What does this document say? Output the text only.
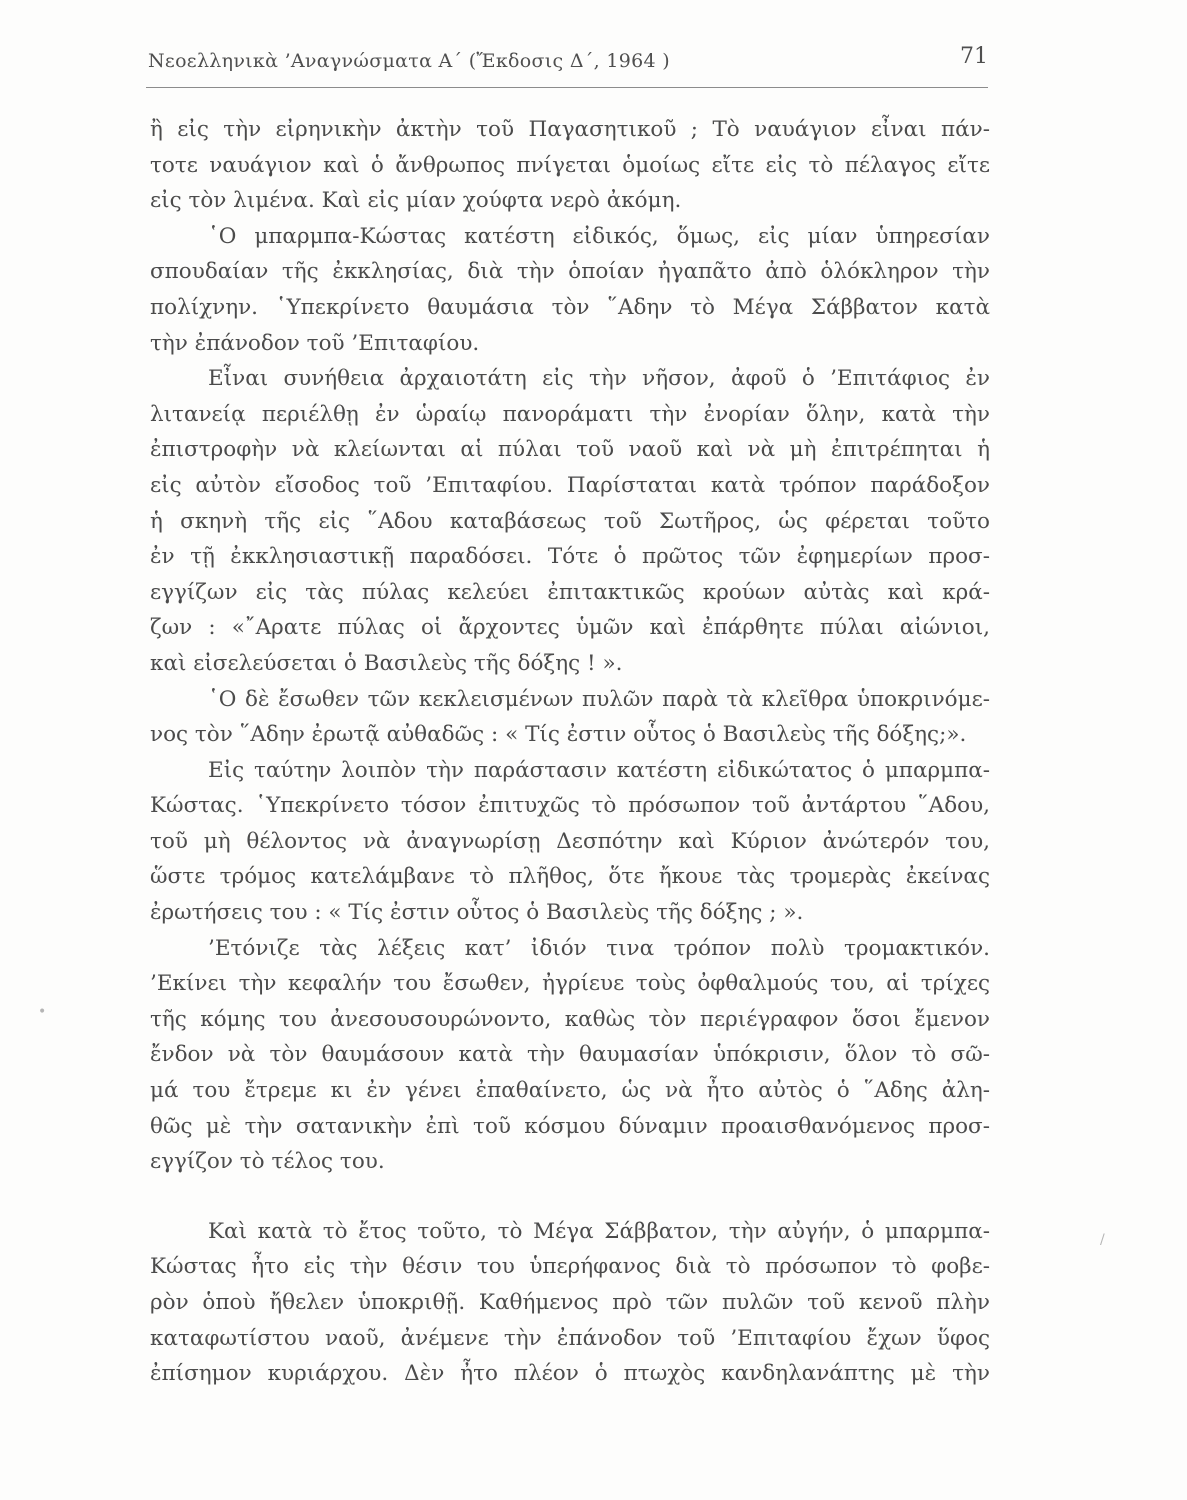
Νεοελληνικὰ ’Αναγνώσματα Α΄ (Ἔκδοσις Δ΄, 1964 )	71
ἢ εἰς τὴν εἰρηνικὴν ἀκτὴν τοῦ Παγασητικοῦ ; Τὸ ναυάγιον εἶναι πάν-
τοτε ναυάγιον καὶ ὁ ἄνθρωπος πνίγεται ὁμοίως εἴτε εἰς τὸ πέλαγος εἴτε
εἰς τὸν λιμένα. Καὶ εἰς μίαν χούφτα νερὸ ἀκόμη.
῾Ο μπαρμπα-Κώστας κατέστη εἰδικός, ὅμως, εἰς μίαν ὑπηρεσίαν
σπουδαίαν τῆς ἐκκλησίας, διὰ τὴν ὁποίαν ἠγαπᾶτο ἀπὸ ὁλόκληρον τὴν
πολίχνην. ῾Υπεκρίνετο θαυμάσια τὸν ῞Αδην τὸ Μέγα Σάββατον κατὰ
τὴν ἐπάνοδον τοῦ ’Επιταφίου.
Εἶναι συνήθεια ἀρχαιοτάτη εἰς τὴν νῆσον, ἀφοῦ ὁ ’Επιτάφιος ἐν
λιτανείᾳ περιέλθῃ ἐν ὡραίῳ πανοράματι τὴν ἐνορίαν ὅλην, κατὰ τὴν
ἐπιστροφὴν νὰ κλείωνται αἱ πύλαι τοῦ ναοῦ καὶ νὰ μὴ ἐπιτρέπηται ἡ
εἰς αὐτὸν εἴσοδος τοῦ ’Επιταφίου. Παρίσταται κατὰ τρόπον παράδοξον
ἡ σκηνὴ τῆς εἰς ῞Αδου καταβάσεως τοῦ Σωτῆρος, ὡς φέρεται τοῦτο
ἐν τῇ ἐκκλησιαστικῇ παραδόσει. Τότε ὁ πρῶτος τῶν ἐφημερίων προσ-
εγγίζων εἰς τὰς πύλας κελεύει ἐπιτακτικῶς κρούων αὐτὰς καὶ κρά-
ζων : «῎Αρατε πύλας οἱ ἄρχοντες ὑμῶν καὶ ἐπάρθητε πύλαι αἰώνιοι,
καὶ εἰσελεύσεται ὁ Βασιλεὺς τῆς δόξης ! ».
῾Ο δὲ ἔσωθεν τῶν κεκλεισμένων πυλῶν παρὰ τὰ κλεῖθρα ὑποκρινόμε-
νος τὸν ῞Αδην ἐρωτᾷ αὐθαδῶς : « Τίς ἐστιν οὗτος ὁ Βασιλεὺς τῆς δόξης;».
Εἰς ταύτην λοιπὸν τὴν παράστασιν κατέστη εἰδικώτατος ὁ μπαρμπα-
Κώστας. ῾Υπεκρίνετο τόσον ἐπιτυχῶς τὸ πρόσωπον τοῦ ἀντάρτου ῞Αδου,
τοῦ μὴ θέλοντος νὰ ἀναγνωρίσῃ Δεσπότην καὶ Κύριον ἀνώτερόν του,
ὥστε τρόμος κατελάμβανε τὸ πλῆθος, ὅτε ἤκουε τὰς τρομερὰς ἐκείνας
ἐρωτήσεις του : « Τίς ἐστιν οὗτος ὁ Βασιλεὺς τῆς δόξης ; ».
’Ετόνιζε τὰς λέξεις κατ’ ἰδιόν τινα τρόπον πολὺ τρομακτικόν.
’Εκίνει τὴν κεφαλήν του ἔσωθεν, ἠγρίευε τοὺς ὀφθαλμούς του, αἱ τρίχες
τῆς κόμης του ἀνεσουσουρώνοντο, καθὼς τὸν περιέγραφον ὅσοι ἔμενον
ἔνδον νὰ τὸν θαυμάσουν κατὰ τὴν θαυμασίαν ὑπόκρισιν, ὅλον τὸ σῶ-
μά του ἔτρεμε κι ἐν γένει ἐπαθαίνετο, ὡς νὰ ἦτο αὐτὸς ὁ ῞Αδης ἀλη-
θῶς μὲ τὴν σατανικὴν ἐπὶ τοῦ κόσμου δύναμιν προαισθανόμενος προσ-
εγγίζον τὸ τέλος του.
Καὶ κατὰ τὸ ἔτος τοῦτο, τὸ Μέγα Σάββατον, τὴν αὐγήν, ὁ μπαρμπα-
Κώστας ἦτο εἰς τὴν θέσιν του ὑπερήφανος διὰ τὸ πρόσωπον τὸ φοβε-
ρὸν ὁποὺ ἤθελεν ὑποκριθῇ. Καθήμενος πρὸ τῶν πυλῶν τοῦ κενοῦ πλὴν
καταφωτίστου ναοῦ, ἀνέμενε τὴν ἐπάνοδον τοῦ ’Επιταφίου ἔχων ὕφος
ἐπίσημον κυριάρχου. Δὲν ἦτο πλέον ὁ πτωχὸς κανδηλανάπτης μὲ τὴν
•
/
